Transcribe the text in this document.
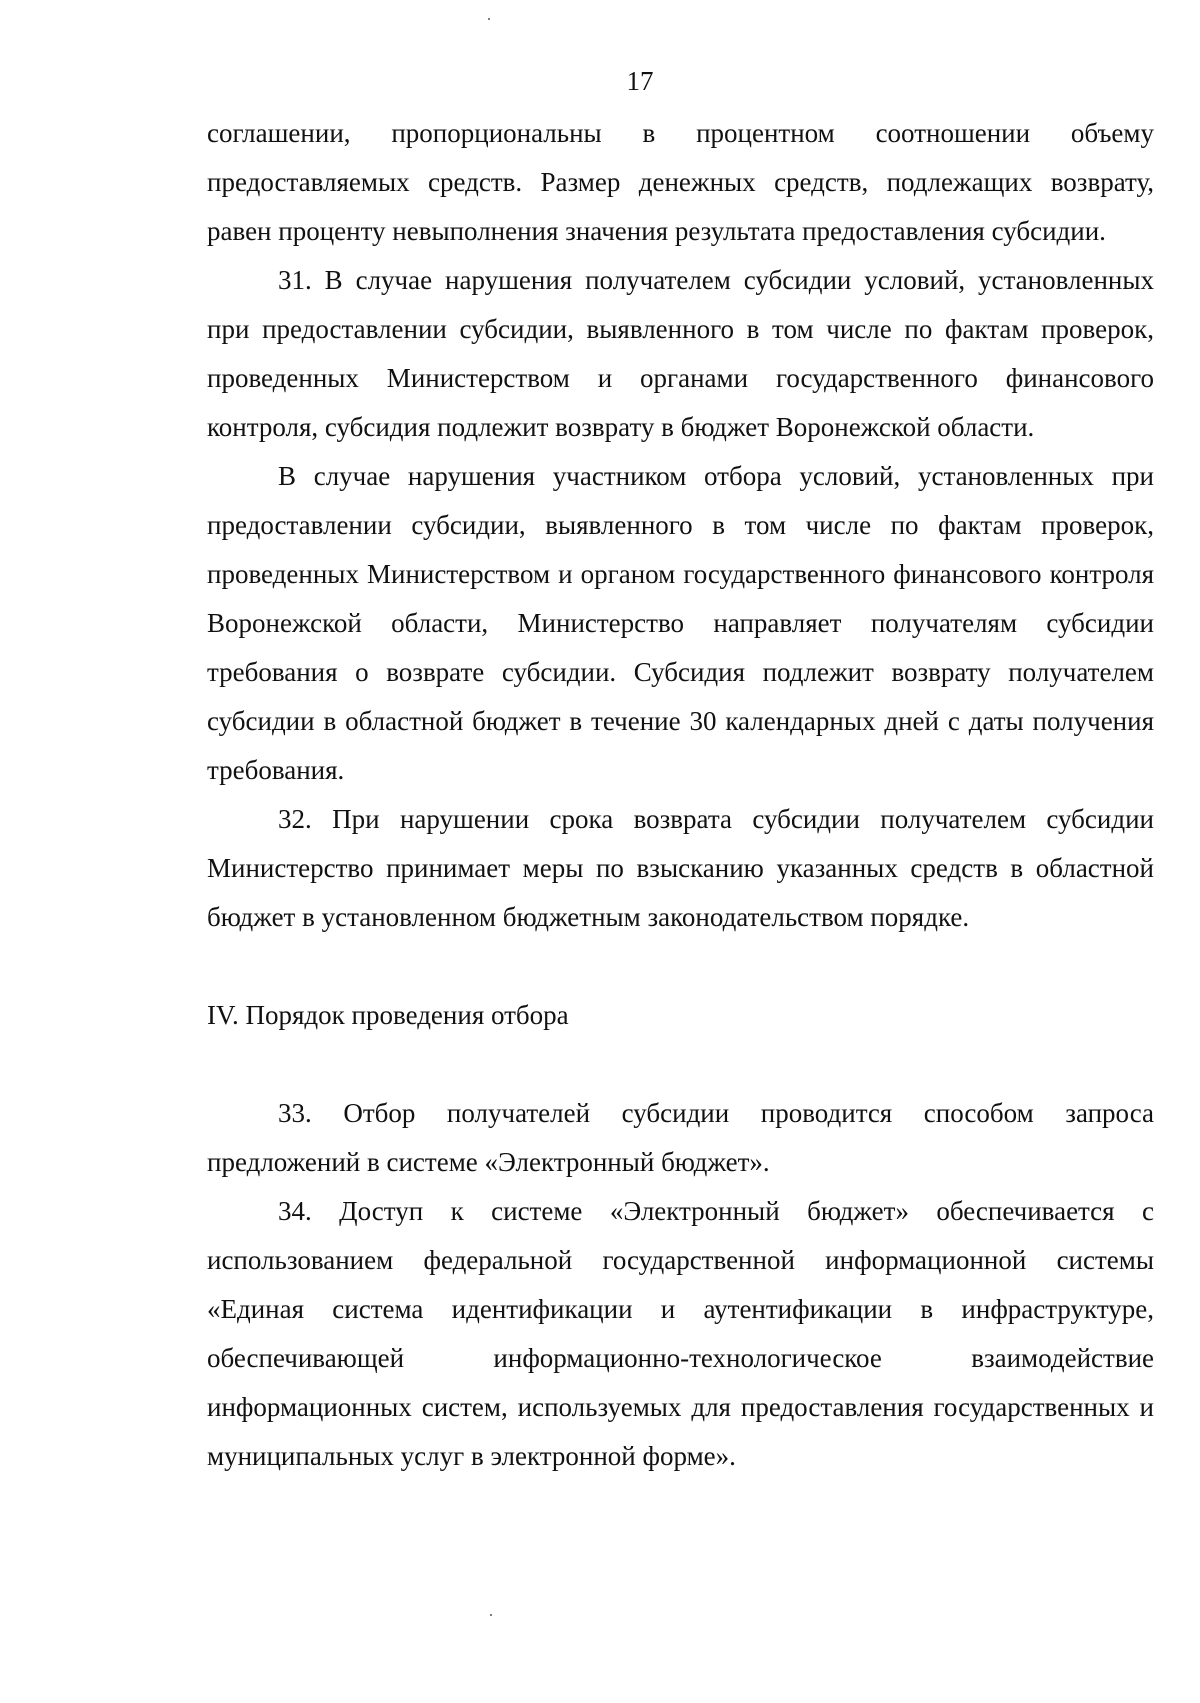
17

соглашении, пропорциональны в процентном соотношении объему предоставляемых средств. Размер денежных средств, подлежащих возврату, равен проценту невыполнения значения результата предоставления субсидии.

31. В случае нарушения получателем субсидии условий, установленных при предоставлении субсидии, выявленного в том числе по фактам проверок, проведенных Министерством и органами государственного финансового контроля, субсидия подлежит возврату в бюджет Воронежской области.

В случае нарушения участником отбора условий, установленных при предоставлении субсидии, выявленного в том числе по фактам проверок, проведенных Министерством и органом государственного финансового контроля Воронежской области, Министерство направляет получателям субсидии требования о возврате субсидии. Субсидия подлежит возврату получателем субсидии в областной бюджет в течение 30 календарных дней с даты получения требования.

32. При нарушении срока возврата субсидии получателем субсидии Министерство принимает меры по взысканию указанных средств в областной бюджет в установленном бюджетным законодательством порядке.

IV. Порядок проведения отбора

33. Отбор получателей субсидии проводится способом запроса предложений в системе «Электронный бюджет».

34. Доступ к системе «Электронный бюджет» обеспечивается с использованием федеральной государственной информационной системы «Единая система идентификации и аутентификации в инфраструктуре, обеспечивающей информационно-технологическое взаимодействие информационных систем, используемых для предоставления государственных и муниципальных услуг в электронной форме».
